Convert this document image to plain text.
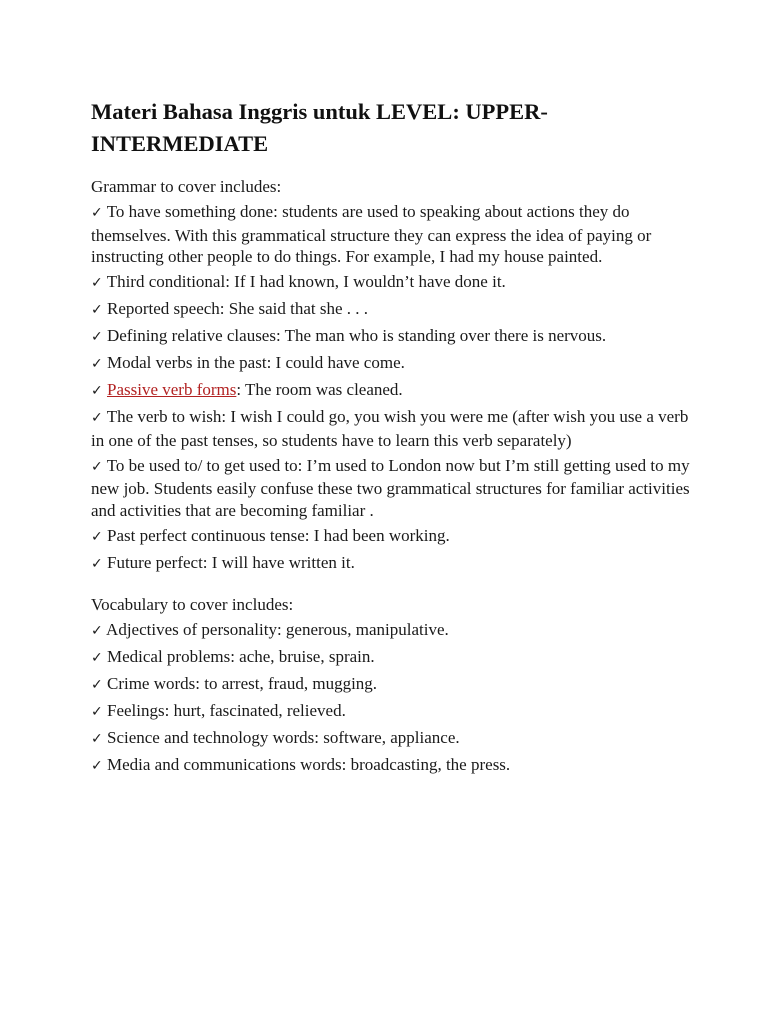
Materi Bahasa Inggris untuk LEVEL: UPPER-INTERMEDIATE

Grammar to cover includes:

✓ To have something done: students are used to speaking about actions they do themselves. With this grammatical structure they can express the idea of paying or instructing other people to do things. For example, I had my house painted.

✓ Third conditional: If I had known, I wouldn’t have done it.

✓ Reported speech: She said that she . . .

✓ Defining relative clauses: The man who is standing over there is nervous.

✓ Modal verbs in the past: I could have come.

✓ Passive verb forms: The room was cleaned.

✓ The verb to wish: I wish I could go, you wish you were me (after wish you use a verb in one of the past tenses, so students have to learn this verb separately)

✓ To be used to/ to get used to: I’m used to London now but I’m still getting used to my new job. Students easily confuse these two grammatical structures for familiar activities and activities that are becoming familiar .

✓ Past perfect continuous tense: I had been working.

✓ Future perfect: I will have written it.

Vocabulary to cover includes:

✓ Adjectives of personality: generous, manipulative.

✓ Medical problems: ache, bruise, sprain.

✓ Crime words: to arrest, fraud, mugging.

✓ Feelings: hurt, fascinated, relieved.

✓ Science and technology words: software, appliance.

✓ Media and communications words: broadcasting, the press.
